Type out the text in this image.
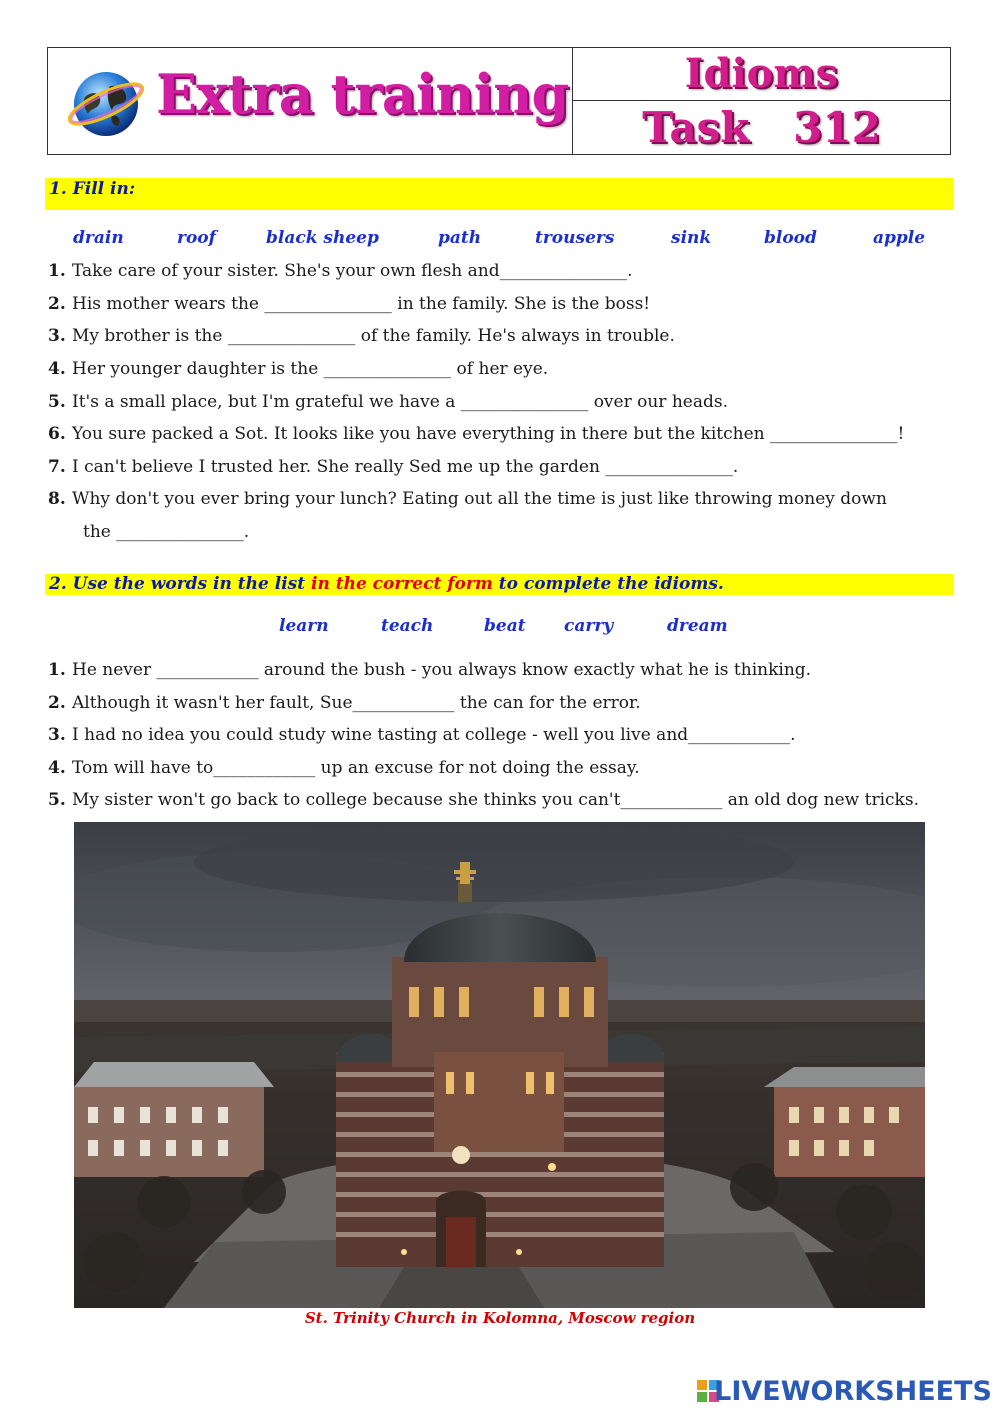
Extra training	Idioms
Task   312
1. Fill in:
drain	roof	black sheep	path	trousers	sink	blood	apple
1. Take care of your sister. She's your own flesh and_______________.
2. His mother wears the _______________ in the family. She is the boss!
3. My brother is the _______________ of the family. He's always in trouble.
4. Her younger daughter is the _______________ of her eye.
5. It's a small place, but I'm grateful we have a _______________ over our heads.
6. You sure packed a Sot. It looks like you have everything in there but the kitchen _______________!
7. I can't believe I trusted her. She really Sed me up the garden _______________.
8. Why don't you ever bring your lunch? Eating out all the time is just like throwing money down
the _______________.
2. Use the words in the list in the correct form to complete the idioms.
learn	teach	beat carry	dream
1. He never ____________ around the bush - you always know exactly what he is thinking.
2. Although it wasn't her fault, Sue____________ the can for the error.
3. I had no idea you could study wine tasting at college - well you live and____________.
4. Tom will have to____________ up an excuse for not doing the essay.
5. My sister won't go back to college because she thinks you can't____________ an old dog new tricks.
St. Trinity Church in Kolomna, Moscow region
LIVEWORKSHEETS
